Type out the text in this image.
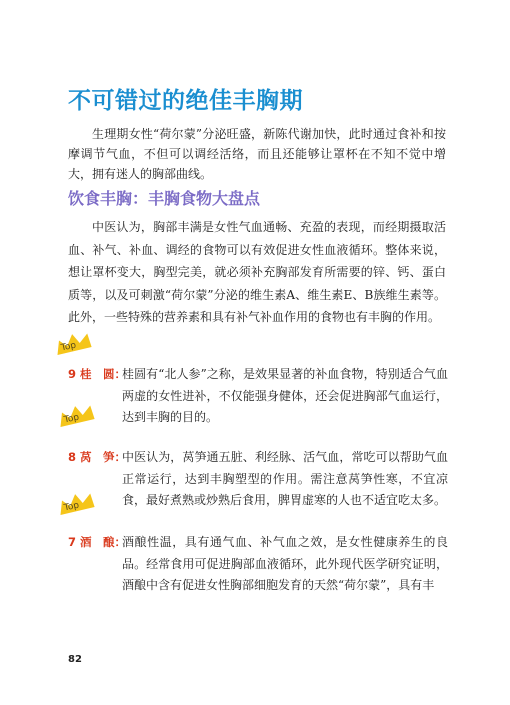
不可错过的绝佳丰胸期

生理期女性“荷尔蒙”分泌旺盛，新陈代谢加快，此时通过食补和按摩调节气血，不但可以调经活络，而且还能够让罩杯在不知不觉中增大，拥有迷人的胸部曲线。

饮食丰胸：丰胸食物大盘点

中医认为，胸部丰满是女性气血通畅、充盈的表现，而经期摄取活血、补气、补血、调经的食物可以有效促进女性血液循环。整体来说，想让罩杯变大，胸型完美，就必须补充胸部发育所需要的锌、钙、蛋白质等，以及可刺激“荷尔蒙”分泌的维生素A、维生素E、B族维生素等。此外，一些特殊的营养素和具有补气补血作用的食物也有丰胸的作用。

Top
Top
Top
9 桂　圆：

桂圆有“北人参”之称，是效果显著的补血食物，特别适合气血两虚的女性进补，不仅能强身健体，还会促进胸部气血运行，达到丰胸的目的。

8 莴　笋：

中医认为，莴笋通五脏、利经脉、活气血，常吃可以帮助气血正常运行，达到丰胸塑型的作用。需注意莴笋性寒，不宜凉食，最好煮熟或炒熟后食用，脾胃虚寒的人也不适宜吃太多。

7 酒　酿：

酒酿性温，具有通气血、补气血之效，是女性健康养生的良品。经常食用可促进胸部血液循环，此外现代医学研究证明，酒酿中含有促进女性胸部细胞发育的天然“荷尔蒙”，具有丰

82
